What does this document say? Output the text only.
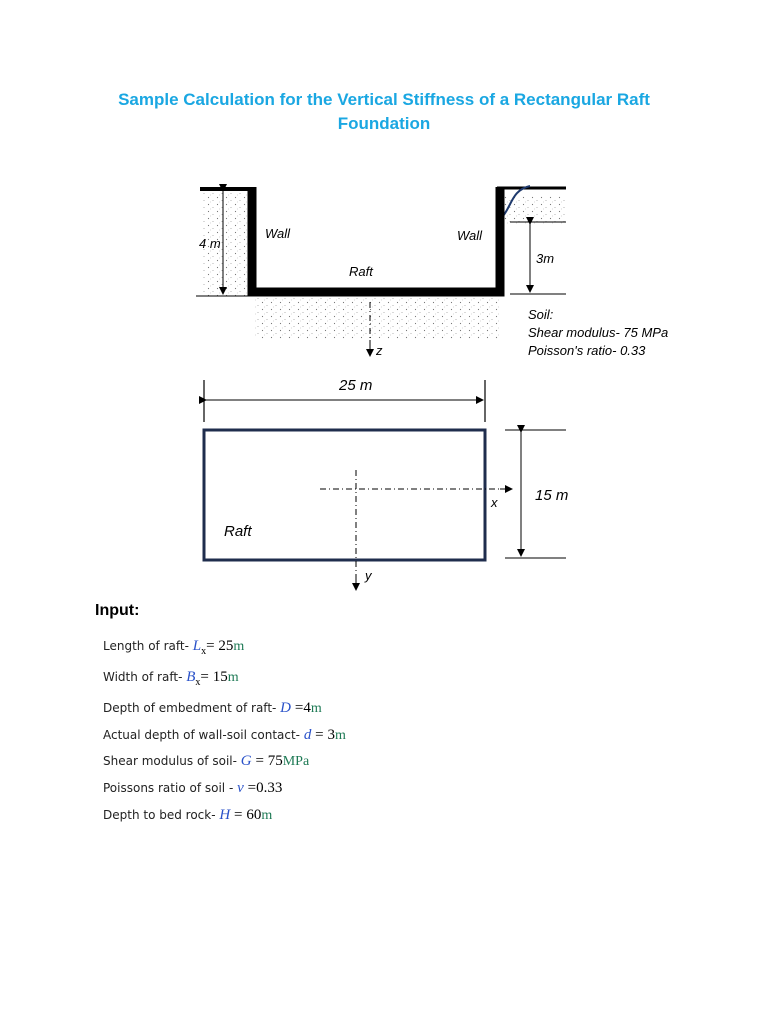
Sample Calculation for the Vertical Stiffness of a Rectangular Raft
Foundation
4 m
Wall	Wall
3m
Raft
z
Soil:
Shear modulus- 75 MPa
Poisson's ratio- 0.33
25 m
15 m
Raft
x
y
Input:
Length of raft- $L_x= 25m$
Width of raft- $B_x= 15m$
Depth of embedment of raft- D =4m
Actual depth of wall-soil contact- d = 3m
Shear modulus of soil- G = 75MPa
Poissons ratio of soil - v =0.33
Depth to bed rock- H = 60m
